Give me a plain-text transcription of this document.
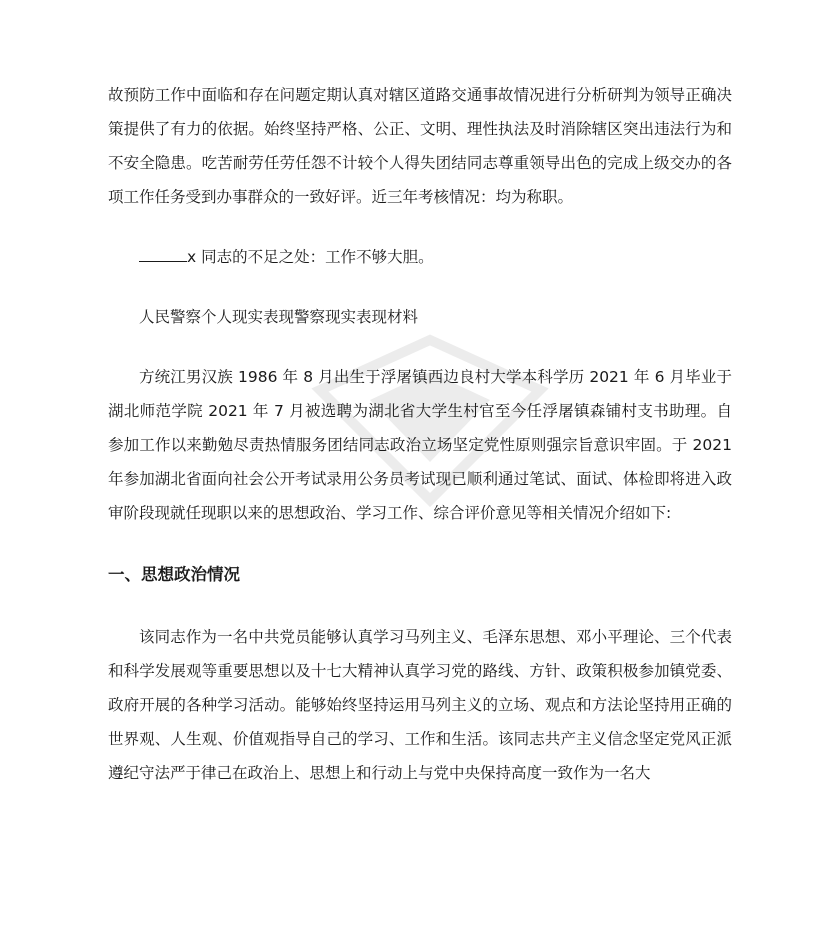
故预防工作中面临和存在问题定期认真对辖区道路交通事故情况进行分析研判为领导正确决策提供了有力的依据。始终坚持严格、公正、文明、理性执法及时消除辖区突出违法行为和不安全隐患。吃苦耐劳任劳任怨不计较个人得失团结同志尊重领导出色的完成上级交办的各项工作任务受到办事群众的一致好评。近三年考核情况：均为称职。

x 同志的不足之处：工作不够大胆。

人民警察个人现实表现警察现实表现材料

方统江男汉族 1986 年 8 月出生于浮屠镇西边良村大学本科学历 2021 年 6 月毕业于湖北师范学院 2021 年 7 月被选聘为湖北省大学生村官至今任浮屠镇森铺村支书助理。自参加工作以来勤勉尽责热情服务团结同志政治立场坚定党性原则强宗旨意识牢固。于 2021 年参加湖北省面向社会公开考试录用公务员考试现已顺利通过笔试、面试、体检即将进入政审阶段现就任现职以来的思想政治、学习工作、综合评价意见等相关情况介绍如下:

一、思想政治情况

该同志作为一名中共党员能够认真学习马列主义、毛泽东思想、邓小平理论、三个代表和科学发展观等重要思想以及十七大精神认真学习党的路线、方针、政策积极参加镇党委、政府开展的各种学习活动。能够始终坚持运用马列主义的立场、观点和方法论坚持用正确的世界观、人生观、价值观指导自己的学习、工作和生活。该同志共产主义信念坚定党风正派遵纪守法严于律己在政治上、思想上和行动上与党中央保持高度一致作为一名大
